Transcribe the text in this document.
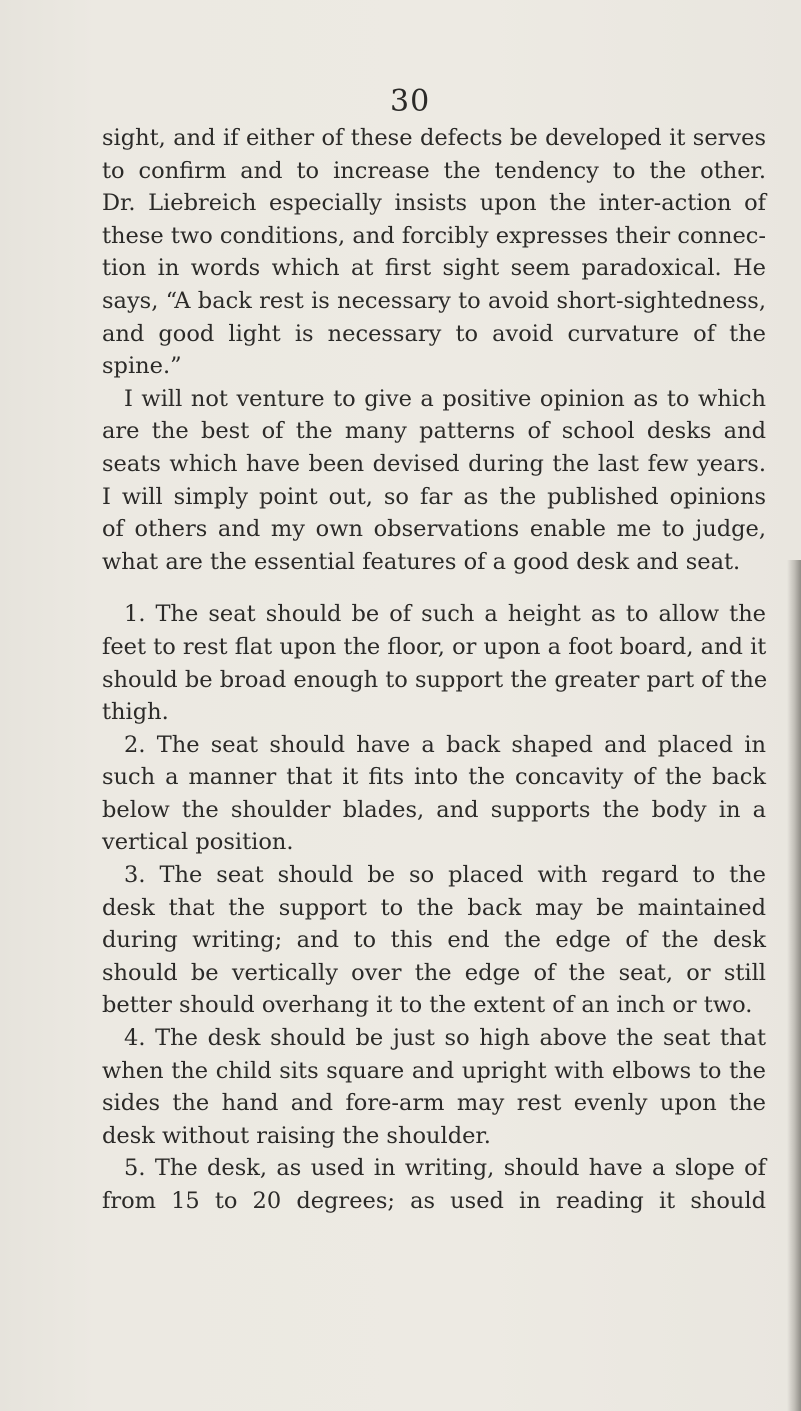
30

sight, and if either of these defects be developed it serves
to confirm and to increase the tendency to the other.
Dr. Liebreich especially insists upon the inter-action of
these two conditions, and forcibly expresses their connec-
tion in words which at first sight seem paradoxical. He
says, “A back rest is necessary to avoid short-sightedness,
and good light is necessary to avoid curvature of the
spine.”

I will not venture to give a positive opinion as to which
are the best of the many patterns of school desks and
seats which have been devised during the last few years.
I will simply point out, so far as the published opinions
of others and my own observations enable me to judge,
what are the essential features of a good desk and seat.

1. The seat should be of such a height as to allow the
feet to rest flat upon the floor, or upon a foot board, and it
should be broad enough to support the greater part of the
thigh.

2. The seat should have a back shaped and placed in
such a manner that it fits into the concavity of the back
below the shoulder blades, and supports the body in a
vertical position.

3. The seat should be so placed with regard to the
desk that the support to the back may be maintained
during writing; and to this end the edge of the desk
should be vertically over the edge of the seat, or still
better should overhang it to the extent of an inch or two.

4. The desk should be just so high above the seat that
when the child sits square and upright with elbows to the
sides the hand and fore-arm may rest evenly upon the
desk without raising the shoulder.

5. The desk, as used in writing, should have a slope of
from 15 to 20 degrees; as used in reading it should
